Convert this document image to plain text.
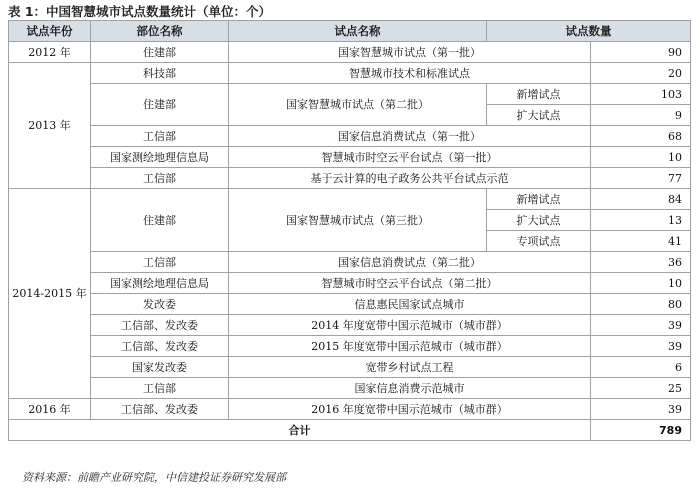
表 1：中国智慧城市试点数量统计（单位：个）
试点年份	部位名称	试点名称	试点数量	
2012 年	住建部	国家智慧城市试点（第一批）		90
2013 年	科技部	智慧城市技术和标准试点		20
	住建部	国家智慧城市试点（第二批）	新增试点	103
			扩大试点	9
	工信部	国家信息消费试点（第一批）		68
	国家测绘地理信息局	智慧城市时空云平台试点（第一批）		10
	工信部	基于云计算的电子政务公共平台试点示范		77
2014-2015 年	住建部	国家智慧城市试点（第三批）	新增试点	84
			扩大试点	13
			专项试点	41
	工信部	国家信息消费试点（第二批）		36
	国家测绘地理信息局	智慧城市时空云平台试点（第二批）		10
	发改委	信息惠民国家试点城市		80
	工信部、发改委	2014 年度宽带中国示范城市（城市群）		39
	工信部、发改委	2015 年度宽带中国示范城市（城市群）		39
	国家发改委	宽带乡村试点工程		6
	工信部	国家信息消费示范城市		25
2016 年	工信部、发改委	2016 年度宽带中国示范城市（城市群）		39
合计				789
资料来源：前瞻产业研究院，中信建投证券研究发展部
